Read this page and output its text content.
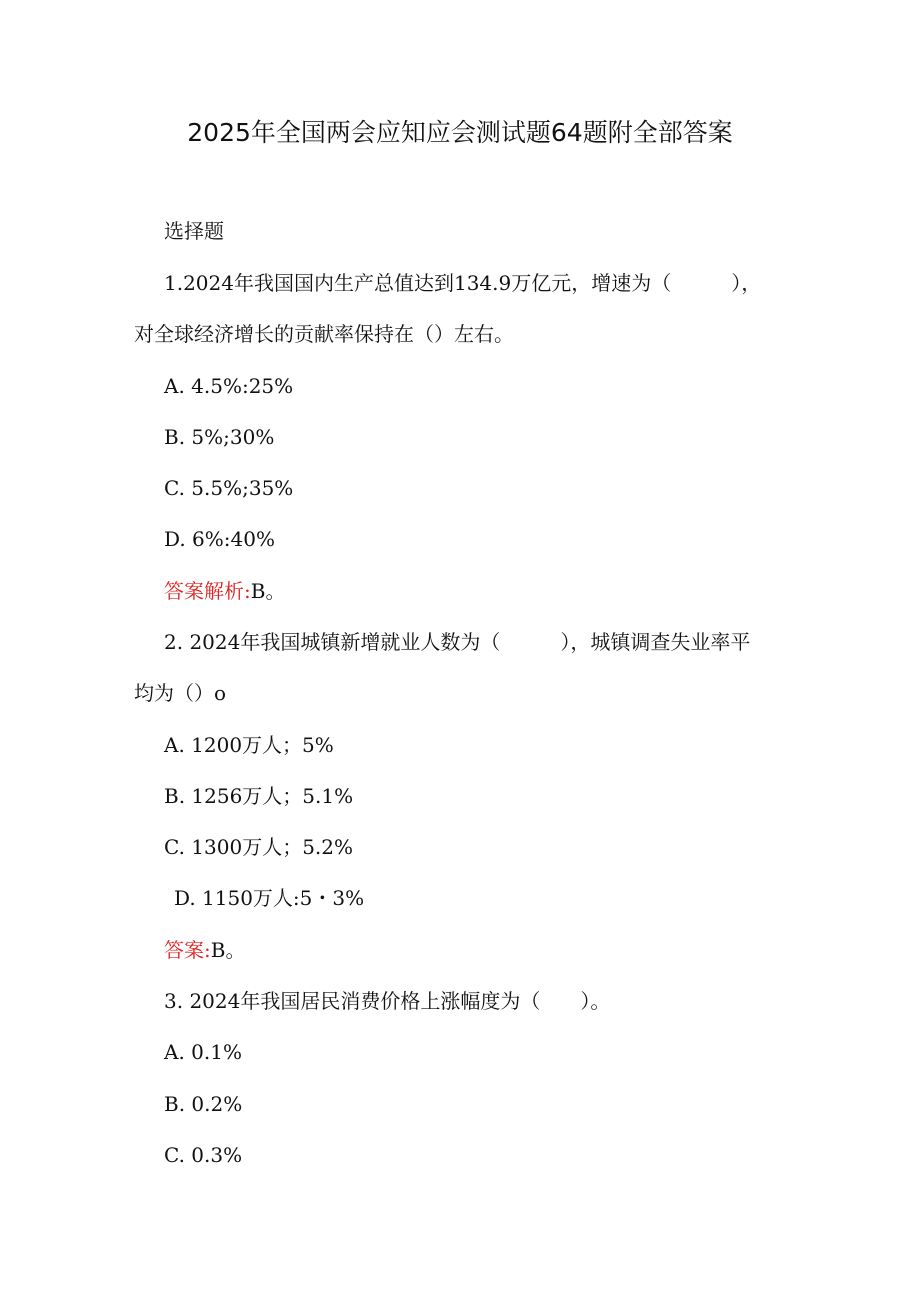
2025年全国两会应知应会测试题64题附全部答案
选择题
1.2024年我国国内生产总值达到134.9万亿元，增速为（　　　），
对全球经济增长的贡献率保持在（）左右。
A. 4.5%:25%
B. 5%;30%
C. 5.5%;35%
D. 6%:40%
答案解析:B。
2. 2024年我国城镇新增就业人数为（　　　），城镇调查失业率平
均为（）o
A. 1200万人；5%
B. 1256万人；5.1%
C. 1300万人；5.2%
D. 1150万人:5・3%
答案:B。
3. 2024年我国居民消费价格上涨幅度为（　　）。
A. 0.1%
B. 0.2%
C. 0.3%
